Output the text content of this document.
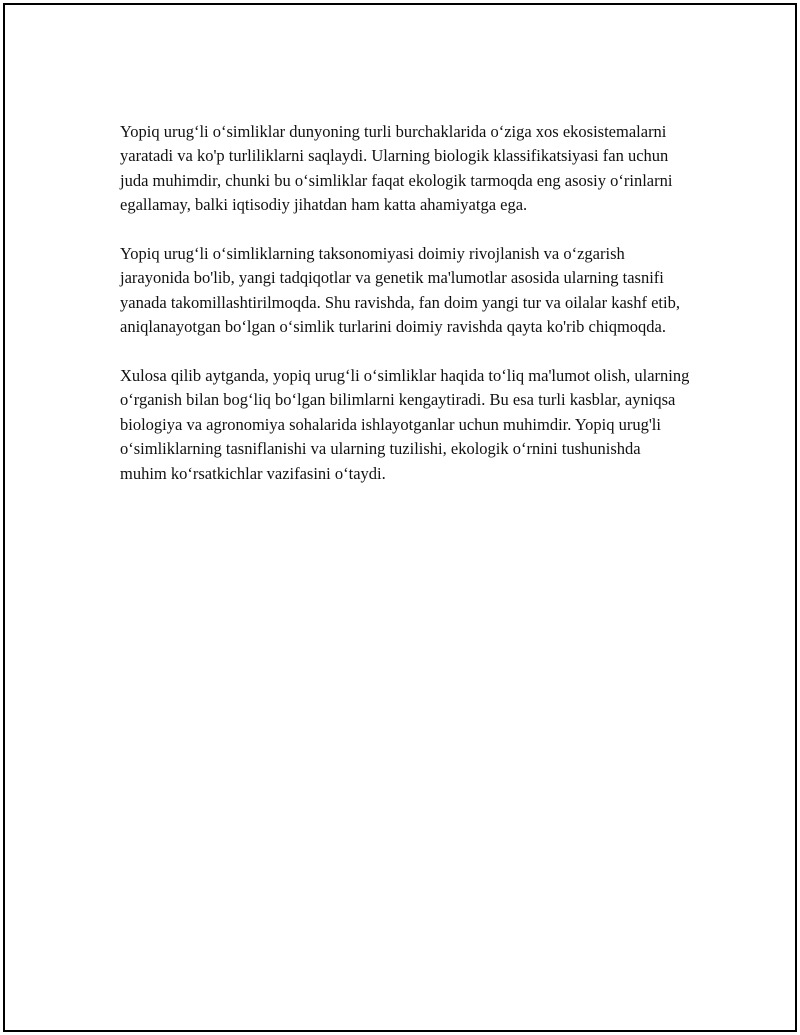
Yopiq urug‘li o‘simliklar dunyoning turli burchaklarida o‘ziga xos ekosistemalarni yaratadi va ko'p turliliklarni saqlaydi. Ularning biologik klassifikatsiyasi fan uchun juda muhimdir, chunki bu o‘simliklar faqat ekologik tarmoqda eng asosiy o‘rinlarni egallamay, balki iqtisodiy jihatdan ham katta ahamiyatga ega.

Yopiq urug‘li o‘simliklarning taksonomiyasi doimiy rivojlanish va o‘zgarish jarayonida bo'lib, yangi tadqiqotlar va genetik ma'lumotlar asosida ularning tasnifi yanada takomillashtirilmoqda. Shu ravishda, fan doim yangi tur va oilalar kashf etib, aniqlanayotgan bo‘lgan o‘simlik turlarini doimiy ravishda qayta ko'rib chiqmoqda.

Xulosa qilib aytganda, yopiq urug‘li o‘simliklar haqida to‘liq ma'lumot olish, ularning o‘rganish bilan bog‘liq bo‘lgan bilimlarni kengaytiradi. Bu esa turli kasblar, ayniqsa biologiya va agronomiya sohalarida ishlayotganlar uchun muhimdir. Yopiq urug'li o‘simliklarning tasniflanishi va ularning tuzilishi, ekologik o‘rnini tushunishda muhim ko‘rsatkichlar vazifasini o‘taydi.
